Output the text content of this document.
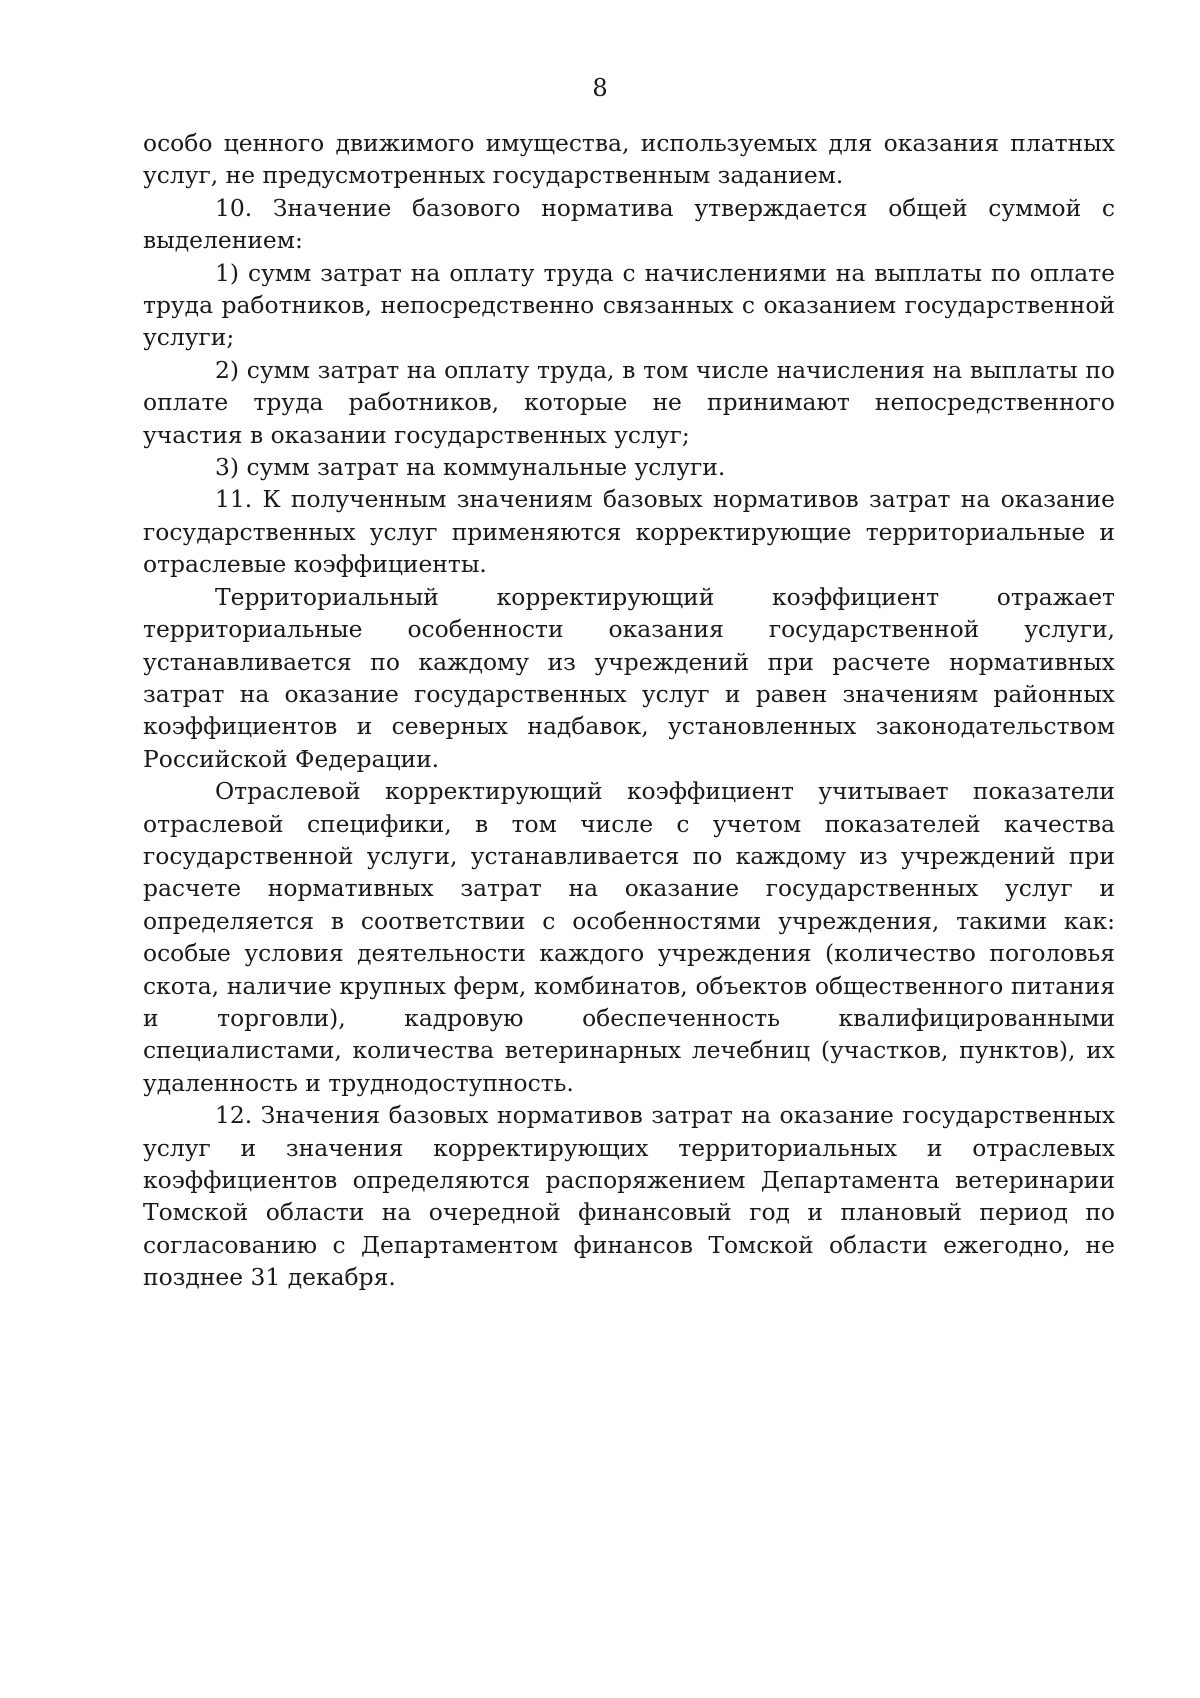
8

особо ценного движимого имущества, используемых для оказания платных услуг, не предусмотренных государственным заданием.

10. Значение базового норматива утверждается общей суммой с выделением:

1) сумм затрат на оплату труда с начислениями на выплаты по оплате труда работников, непосредственно связанных с оказанием государственной услуги;

2) сумм затрат на оплату труда, в том числе начисления на выплаты по оплате труда работников, которые не принимают непосредственного участия в оказании государственных услуг;

3) сумм затрат на коммунальные услуги.

11. К полученным значениям базовых нормативов затрат на оказание государственных услуг применяются корректирующие территориальные и отраслевые коэффициенты.

Территориальный корректирующий коэффициент отражает территориальные особенности оказания государственной услуги, устанавливается по каждому из учреждений при расчете нормативных затрат на оказание государственных услуг и равен значениям районных коэффициентов и северных надбавок, установленных законодательством Российской Федерации.

Отраслевой корректирующий коэффициент учитывает показатели отраслевой специфики, в том числе с учетом показателей качества государственной услуги, устанавливается по каждому из учреждений при расчете нормативных затрат на оказание государственных услуг и определяется в соответствии с особенностями учреждения, такими как: особые условия деятельности каждого учреждения (количество поголовья скота, наличие крупных ферм, комбинатов, объектов общественного питания и торговли), кадровую обеспеченность квалифицированными специалистами, количества ветеринарных лечебниц (участков, пунктов), их удаленность и труднодоступность.

12. Значения базовых нормативов затрат на оказание государственных услуг и значения корректирующих территориальных и отраслевых коэффициентов определяются распоряжением Департамента ветеринарии Томской области на очередной финансовый год и плановый период по согласованию с Департаментом финансов Томской области ежегодно, не позднее 31 декабря.
